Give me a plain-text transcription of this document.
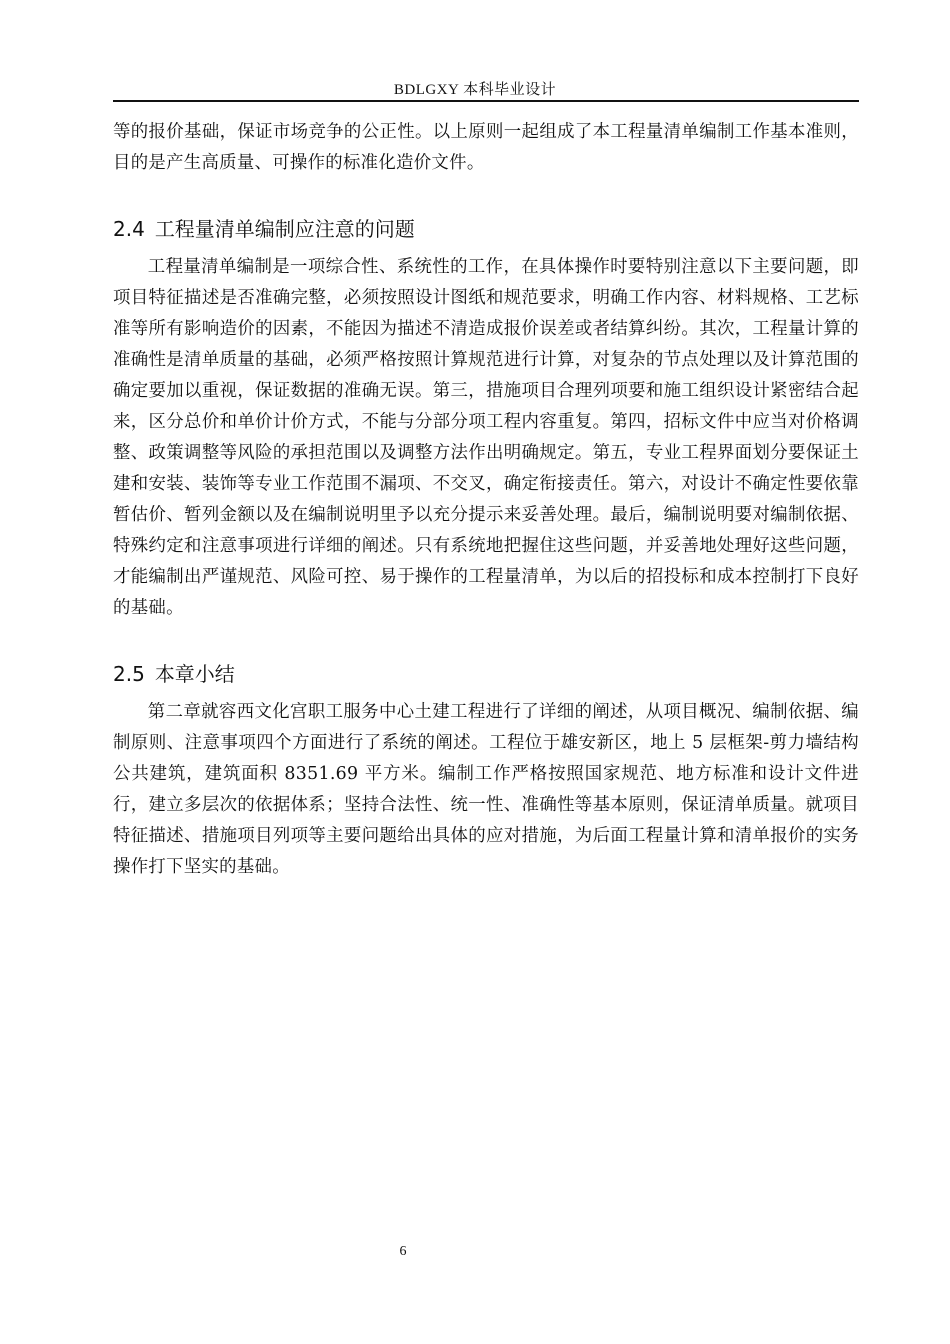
BDLGXY 本科毕业设计

等的报价基础，保证市场竞争的公正性。以上原则一起组成了本工程量清单编制工作基本准则，目的是产生高质量、可操作的标准化造价文件。

2.4 工程量清单编制应注意的问题

工程量清单编制是一项综合性、系统性的工作，在具体操作时要特别注意以下主要问题，即项目特征描述是否准确完整，必须按照设计图纸和规范要求，明确工作内容、材料规格、工艺标准等所有影响造价的因素，不能因为描述不清造成报价误差或者结算纠纷。其次，工程量计算的准确性是清单质量的基础，必须严格按照计算规范进行计算，对复杂的节点处理以及计算范围的确定要加以重视，保证数据的准确无误。第三，措施项目合理列项要和施工组织设计紧密结合起来，区分总价和单价计价方式，不能与分部分项工程内容重复。第四，招标文件中应当对价格调整、政策调整等风险的承担范围以及调整方法作出明确规定。第五，专业工程界面划分要保证土建和安装、装饰等专业工作范围不漏项、不交叉，确定衔接责任。第六，对设计不确定性要依靠暂估价、暂列金额以及在编制说明里予以充分提示来妥善处理。最后，编制说明要对编制依据、特殊约定和注意事项进行详细的阐述。只有系统地把握住这些问题，并妥善地处理好这些问题，才能编制出严谨规范、风险可控、易于操作的工程量清单，为以后的招投标和成本控制打下良好的基础。

2.5 本章小结

第二章就容西文化宫职工服务中心土建工程进行了详细的阐述，从项目概况、编制依据、编制原则、注意事项四个方面进行了系统的阐述。工程位于雄安新区，地上 5 层框架-剪力墙结构公共建筑，建筑面积 8351.69 平方米。编制工作严格按照国家规范、地方标准和设计文件进行，建立多层次的依据体系；坚持合法性、统一性、准确性等基本原则，保证清单质量。就项目特征描述、措施项目列项等主要问题给出具体的应对措施，为后面工程量计算和清单报价的实务操作打下坚实的基础。

6
